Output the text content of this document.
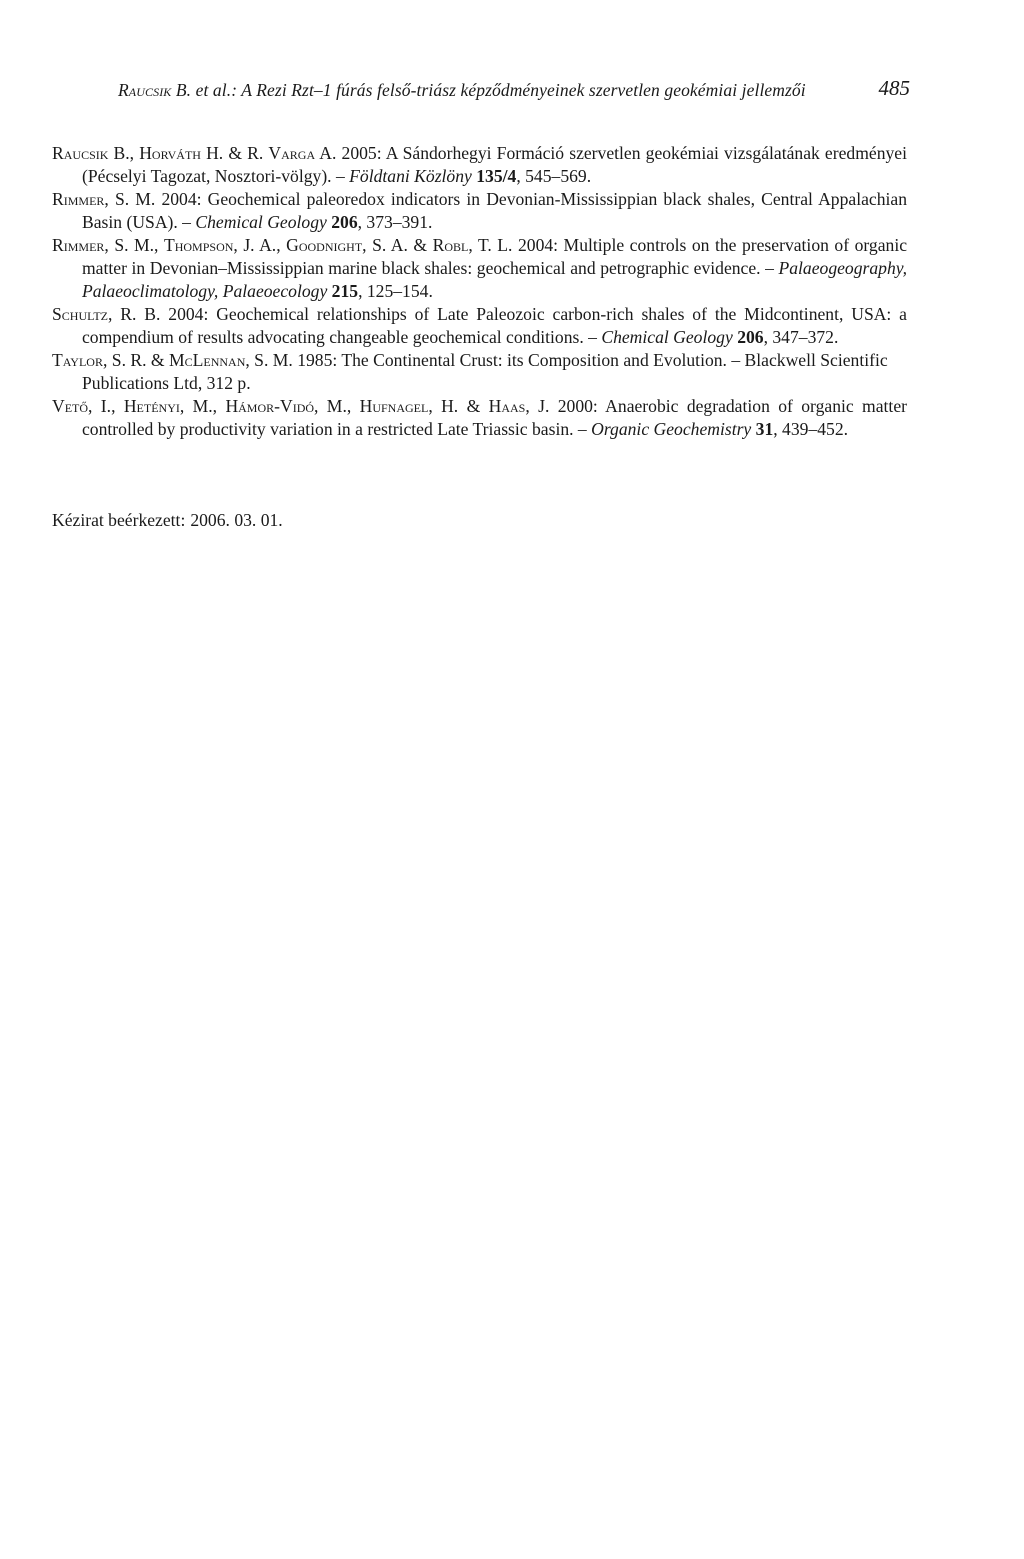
Raucsik B. et al.: A Rezi Rzt–1 fúrás felső-triász képződményeinek szervetlen geokémiai jellemzői	485
Raucsik B., Horváth H. & R. Varga A. 2005: A Sándorhegyi Formáció szervetlen geokémiai vizsgálatának eredményei (Pécselyi Tagozat, Nosztori-völgy). – Földtani Közlöny 135/4, 545–569.
Rimmer, S. M. 2004: Geochemical paleoredox indicators in Devonian-Mississippian black shales, Central Appalachian Basin (USA). – Chemical Geology 206, 373–391.
Rimmer, S. M., Thompson, J. A., Goodnight, S. A. & Robl, T. L. 2004: Multiple controls on the preservation of organic matter in Devonian–Mississippian marine black shales: geochemical and petrographic evidence. – Palaeogeography, Palaeoclimatology, Palaeoecology 215, 125–154.
Schultz, R. B. 2004: Geochemical relationships of Late Paleozoic carbon-rich shales of the Midcontinent, USA: a compendium of results advocating changeable geochemical conditions. – Chemical Geology 206, 347–372.
Taylor, S. R. & McLennan, S. M. 1985: The Continental Crust: its Composition and Evolution. – Blackwell Scientific Publications Ltd, 312 p.
Vető, I., Hetényi, M., Hámor-Vidó, M., Hufnagel, H. & Haas, J. 2000: Anaerobic degradation of organic matter controlled by productivity variation in a restricted Late Triassic basin. – Organic Geochemistry 31, 439–452.
Kézirat beérkezett: 2006. 03. 01.
